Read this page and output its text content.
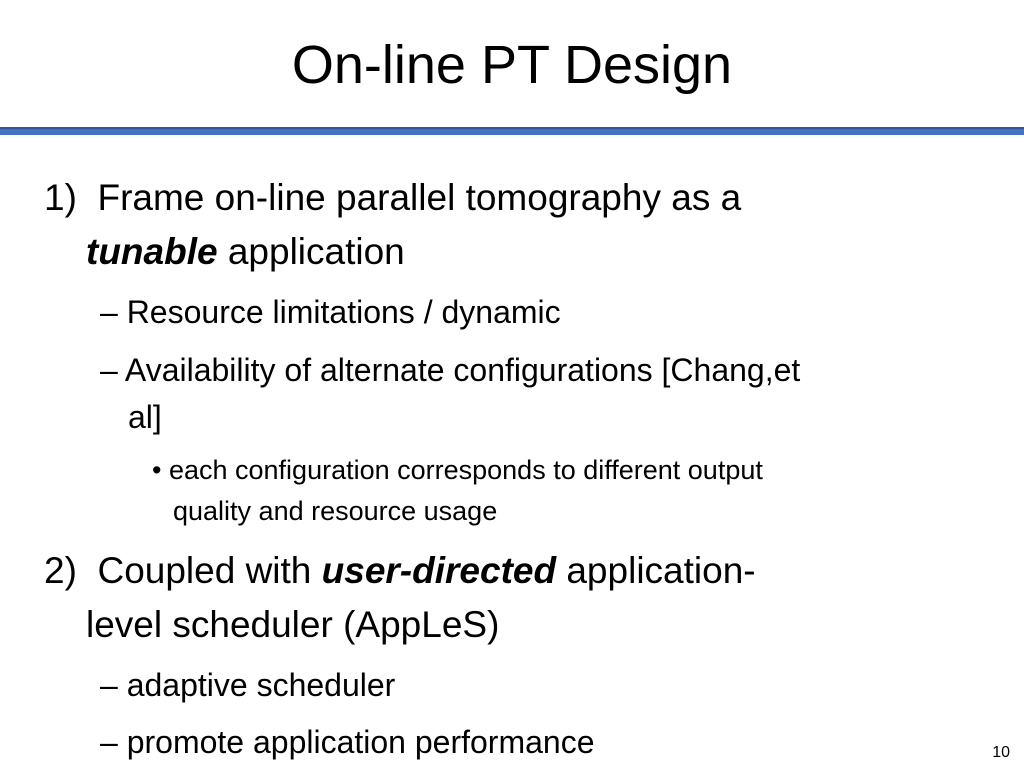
On-line PT Design
1) Frame on-line parallel tomography as a
tunable application
– Resource limitations / dynamic
– Availability of alternate configurations [Chang,et
al]
• each configuration corresponds to different output
quality and resource usage
2) Coupled with user-directed application-
level scheduler (AppLeS)
– adaptive scheduler
– promote application performance	10
